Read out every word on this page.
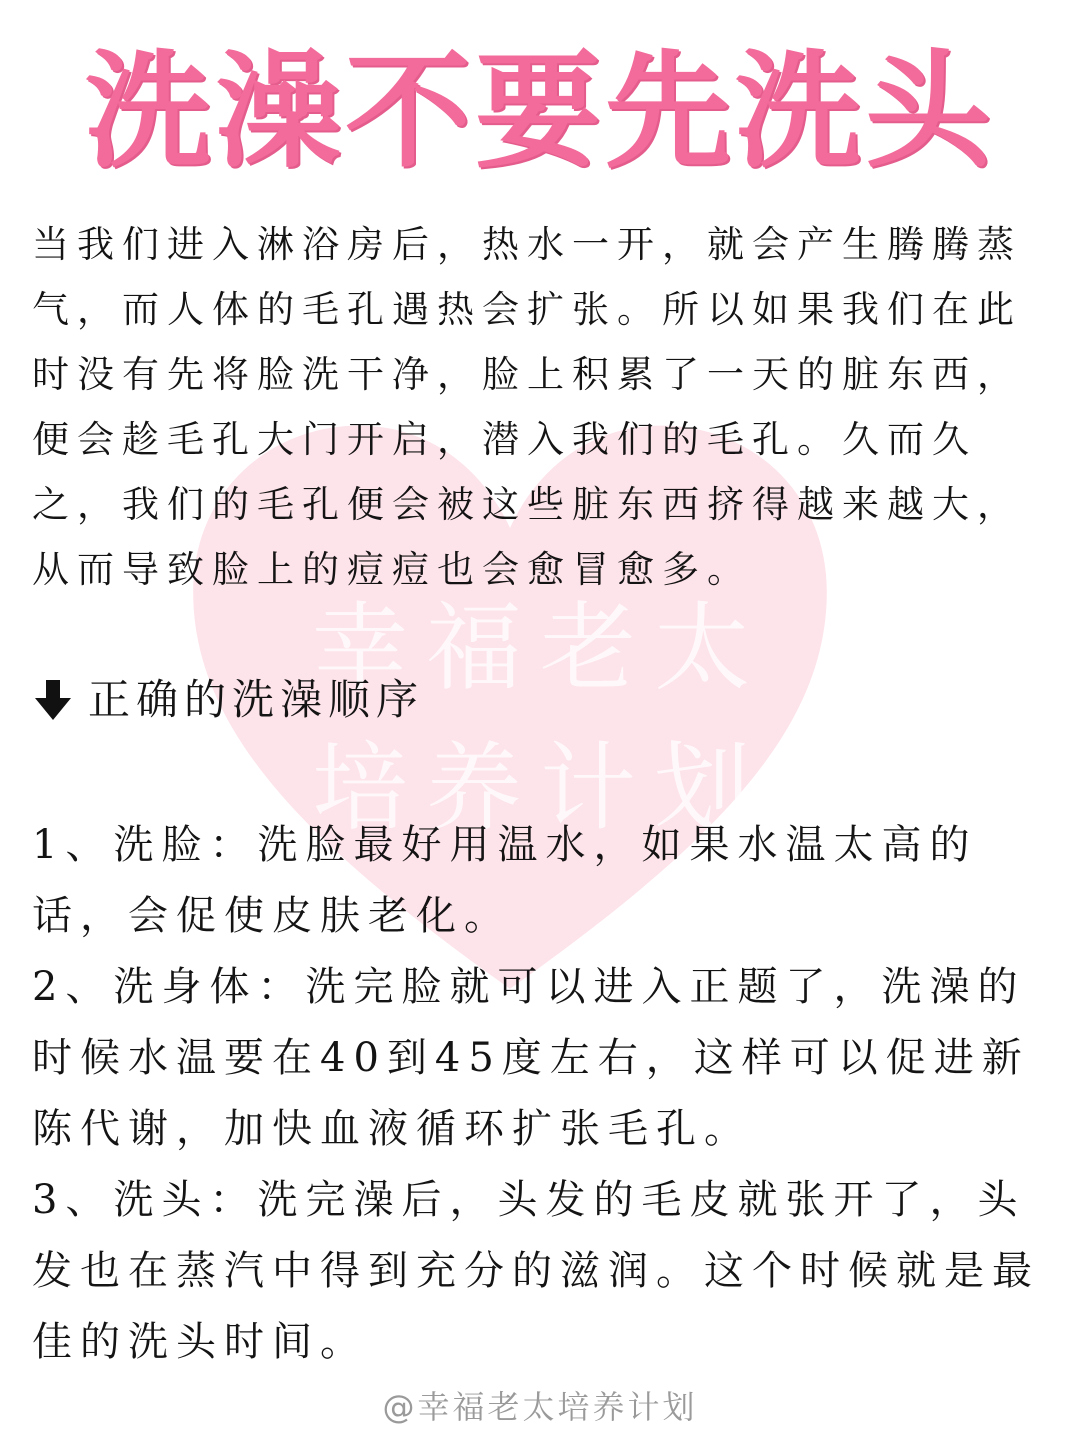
幸福老太
培养计划
洗澡不要先洗头

当我们进入淋浴房后，热水一开，就会产生腾腾蒸气，而人体的毛孔遇热会扩张。所以如果我们在此时没有先将脸洗干净，脸上积累了一天的脏东西，便会趁毛孔大门开启，潜入我们的毛孔。久而久之，我们的毛孔便会被这些脏东西挤得越来越大，从而导致脸上的痘痘也会愈冒愈多。

正确的洗澡顺序

1、洗脸：洗脸最好用温水，如果水温太高的话，会促使皮肤老化。

2、洗身体：洗完脸就可以进入正题了，洗澡的时候水温要在40到45度左右，这样可以促进新陈代谢，加快血液循环扩张毛孔。

3、洗头：洗完澡后，头发的毛皮就张开了，头发也在蒸汽中得到充分的滋润。这个时候就是最佳的洗头时间。

@幸福老太培养计划
